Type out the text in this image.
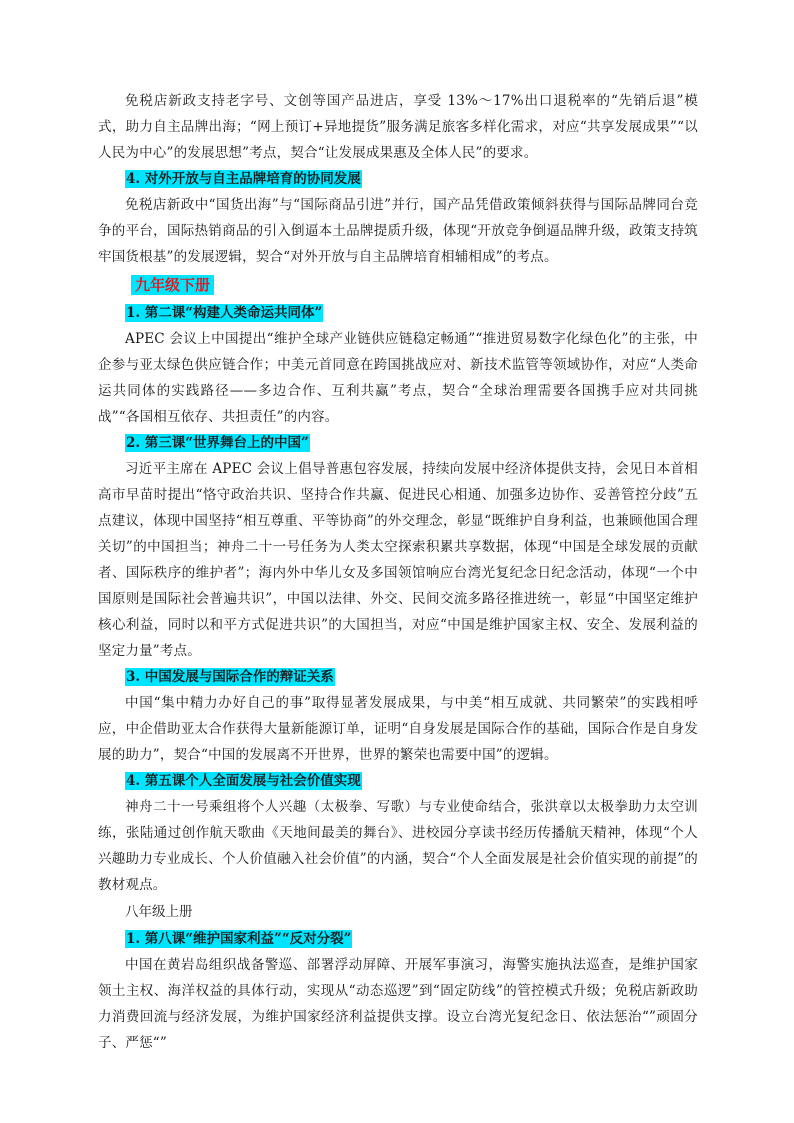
免税店新政支持老字号、文创等国产品进店，享受 13%～17%出口退税率的“先销后退”模式，助力自主品牌出海；“网上预订+异地提货”服务满足旅客多样化需求，对应“共享发展成果”“以人民为中心”的发展思想”考点，契合“让发展成果惠及全体人民”的要求。

4. 对外开放与自主品牌培育的协同发展

免税店新政中“国货出海”与“国际商品引进”并行，国产品凭借政策倾斜获得与国际品牌同台竞争的平台，国际热销商品的引入倒逼本土品牌提质升级，体现“开放竞争倒逼品牌升级，政策支持筑牢国货根基”的发展逻辑，契合“对外开放与自主品牌培育相辅相成”的考点。

九年级下册

1. 第二课“构建人类命运共同体”

APEC 会议上中国提出“维护全球产业链供应链稳定畅通”“推进贸易数字化绿色化”的主张，中企参与亚太绿色供应链合作；中美元首同意在跨国挑战应对、新技术监管等领域协作，对应“人类命运共同体的实践路径——多边合作、互利共赢”考点，契合“全球治理需要各国携手应对共同挑战”“各国相互依存、共担责任”的内容。

2. 第三课“世界舞台上的中国”

习近平主席在 APEC 会议上倡导普惠包容发展，持续向发展中经济体提供支持，会见日本首相高市早苗时提出“恪守政治共识、坚持合作共赢、促进民心相通、加强多边协作、妥善管控分歧”五点建议，体现中国坚持“相互尊重、平等协商”的外交理念，彰显“既维护自身利益，也兼顾他国合理关切”的中国担当；神舟二十一号任务为人类太空探索积累共享数据，体现“中国是全球发展的贡献者、国际秩序的维护者”；海内外中华儿女及多国领馆响应台湾光复纪念日纪念活动，体现“一个中国原则是国际社会普遍共识”，中国以法律、外交、民间交流多路径推进统一，彰显“中国坚定维护核心利益，同时以和平方式促进共识”的大国担当，对应“中国是维护国家主权、安全、发展利益的坚定力量”考点。

3. 中国发展与国际合作的辩证关系

中国“集中精力办好自己的事”取得显著发展成果，与中美“相互成就、共同繁荣”的实践相呼应，中企借助亚太合作获得大量新能源订单，证明“自身发展是国际合作的基础，国际合作是自身发展的助力”，契合“中国的发展离不开世界，世界的繁荣也需要中国”的逻辑。

4. 第五课个人全面发展与社会价值实现

神舟二十一号乘组将个人兴趣（太极拳、写歌）与专业使命结合，张洪章以太极拳助力太空训练，张陆通过创作航天歌曲《天地间最美的舞台》、进校园分享读书经历传播航天精神，体现“个人兴趣助力专业成长、个人价值融入社会价值”的内涵，契合“个人全面发展是社会价值实现的前提”的教材观点。

八年级上册

1. 第八课“维护国家利益”“反对分裂”

中国在黄岩岛组织战备警巡、部署浮动屏障、开展军事演习，海警实施执法巡查，是维护国家领土主权、海洋权益的具体行动，实现从“动态巡逻”到“固定防线”的管控模式升级；免税店新政助力消费回流与经济发展，为维护国家经济利益提供支撑。设立台湾光复纪念日、依法惩治“”顽固分子、严惩“”
